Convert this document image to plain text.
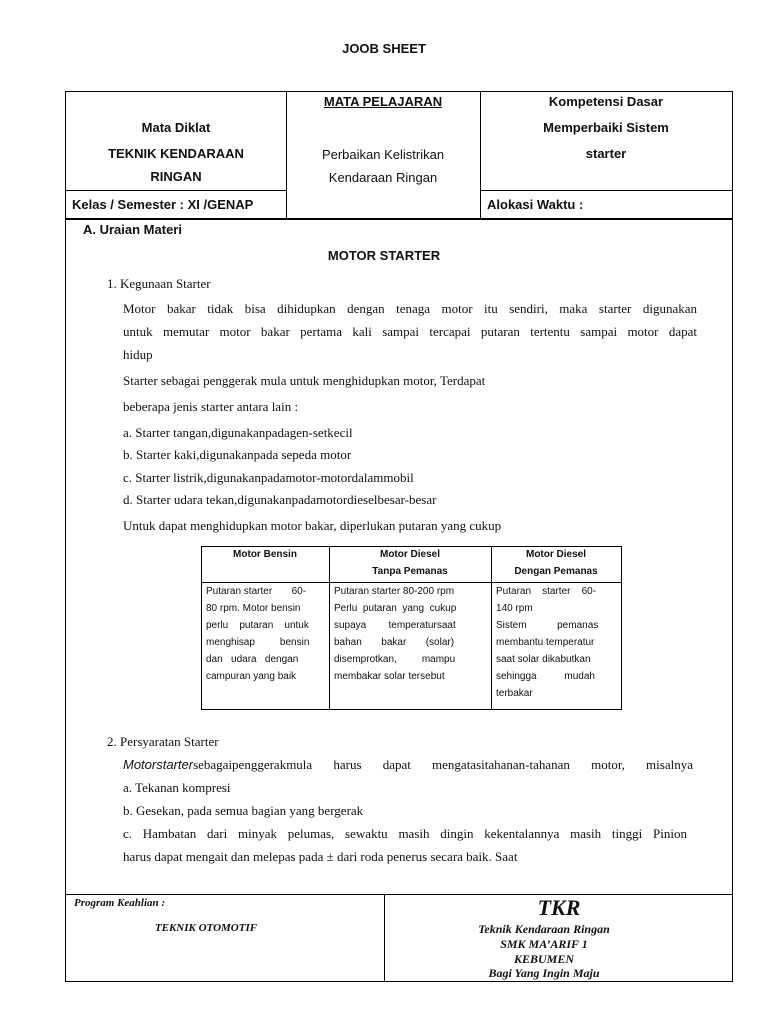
JOOB SHEET
Mata Diklat
TEKNIK KENDARAAN
RINGAN
MATA PELAJARAN
Perbaikan Kelistrikan
Kendaraan Ringan
Kompetensi Dasar
Memperbaiki Sistem
starter
Kelas / Semester : XI /GENAP	Alokasi Waktu :
A. Uraian Materi
MOTOR STARTER
1. Kegunaan Starter
Motor bakar tidak bisa dihidupkan dengan tenaga motor itu sendiri, maka starter digunakan
untuk memutar motor bakar pertama kali sampai tercapai putaran tertentu sampai motor dapat
hidup
Starter sebagai penggerak mula untuk menghidupkan motor, Terdapat
beberapa jenis starter antara lain :
a. Starter tangan,digunakanpadagen-setkecil
b. Starter kaki,digunakanpada sepeda motor
c. Starter listrik,digunakanpadamotor-motordalammobil
d. Starter udara tekan,digunakanpadamotordieselbesar-besar
Untuk dapat menghidupkan motor bakar, diperlukan putaran yang cukup
Motor Bensin	Motor Diesel
Tanpa Pemanas
Motor Diesel
Dengan Pemanas
Putaran starter       60-
80 rpm. Motor bensin
perlu    putaran    untuk
menghisap         bensin
dan   udara   dengan
campuran yang baik
Putaran starter 80-200 rpm
Perlu  putaran  yang  cukup
supaya        temperatursaat
bahan       bakar       (solar)
disemprotkan,         mampu
membakar solar tersebut
Putaran    starter    60-
140 rpm
Sistem           pemanas
membantu temperatur
saat solar dikabutkan
sehingga          mudah
terbakar
2. Persyaratan Starter
Motorstartersebagaipenggerakmula harus dapat mengatasitahanan-tahanan motor, misalnya
a. Tekanan kompresi
b. Gesekan, pada semua bagian yang bergerak
c. Hambatan dari minyak pelumas, sewaktu masih dingin kekentalannya masih tinggi Pinion
harus dapat mengait dan melepas pada ± dari roda penerus secara baik. Saat
Program Keahlian :
TEKNIK OTOMOTIF
TKR
Teknik Kendaraan Ringan
SMK MA’ARIF 1
KEBUMEN
Bagi Yang Ingin Maju
